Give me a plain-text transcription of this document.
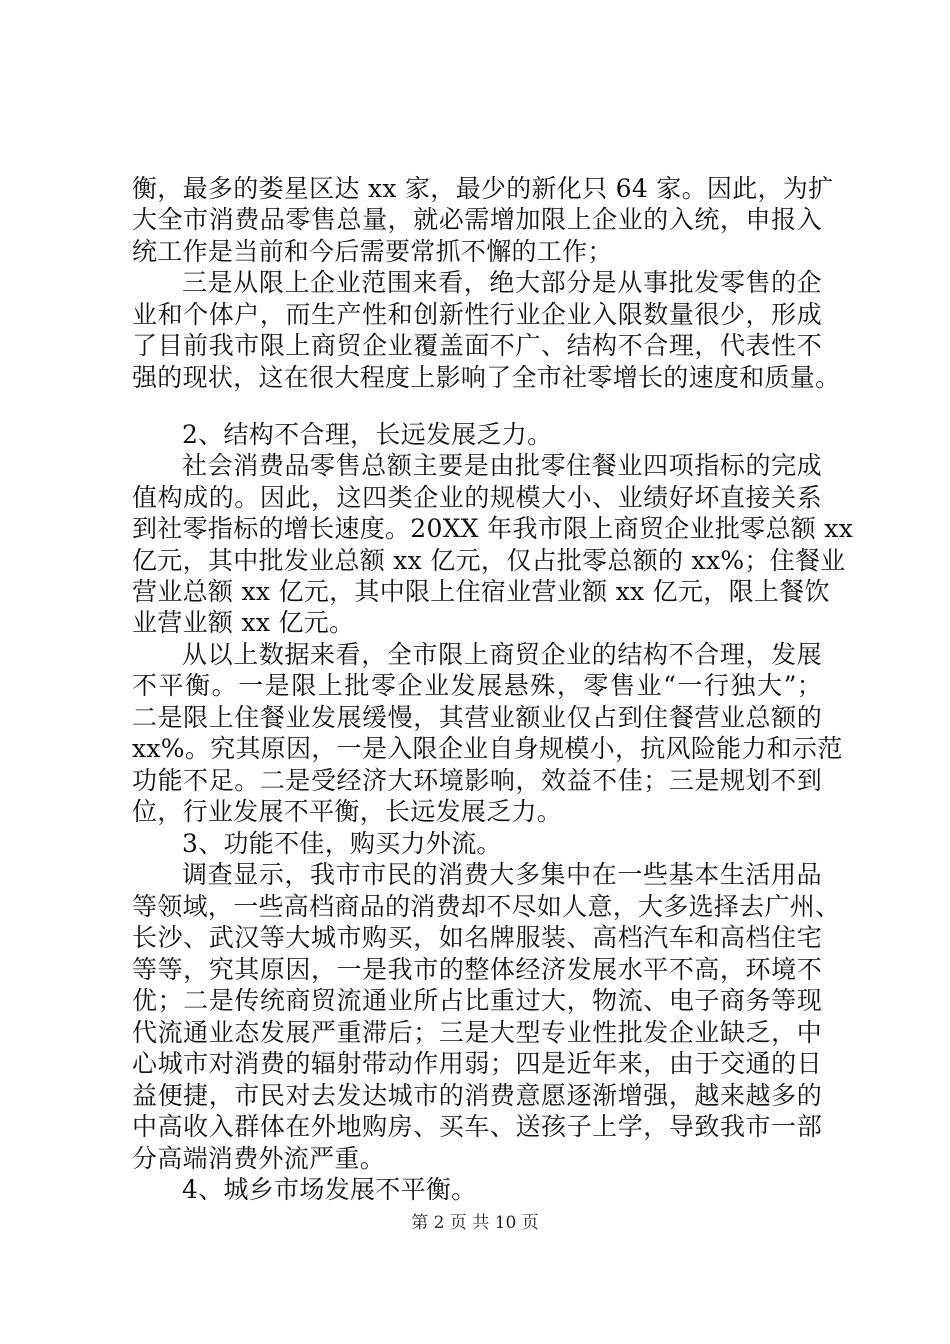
衡，最多的娄星区达 xx 家，最少的新化只 64 家。因此，为扩
大全市消费品零售总量，就必需增加限上企业的入统，申报入
统工作是当前和今后需要常抓不懈的工作；
三是从限上企业范围来看，绝大部分是从事批发零售的企
业和个体户，而生产性和创新性行业企业入限数量很少，形成
了目前我市限上商贸企业覆盖面不广、结构不合理，代表性不
强的现状，这在很大程度上影响了全市社零增长的速度和质量。
2、结构不合理，长远发展乏力。
社会消费品零售总额主要是由批零住餐业四项指标的完成
值构成的。因此，这四类企业的规模大小、业绩好坏直接关系
到社零指标的增长速度。20XX 年我市限上商贸企业批零总额 xx
亿元，其中批发业总额 xx 亿元，仅占批零总额的 xx%；住餐业
营业总额 xx 亿元，其中限上住宿业营业额 xx 亿元，限上餐饮
业营业额 xx 亿元。
从以上数据来看，全市限上商贸企业的结构不合理，发展
不平衡。一是限上批零企业发展悬殊，零售业“一行独大”；
二是限上住餐业发展缓慢，其营业额业仅占到住餐营业总额的
xx%。究其原因，一是入限企业自身规模小，抗风险能力和示范
功能不足。二是受经济大环境影响，效益不佳；三是规划不到
位，行业发展不平衡，长远发展乏力。
3、功能不佳，购买力外流。
调查显示，我市市民的消费大多集中在一些基本生活用品
等领域，一些高档商品的消费却不尽如人意，大多选择去广州、
长沙、武汉等大城市购买，如名牌服装、高档汽车和高档住宅
等等，究其原因，一是我市的整体经济发展水平不高，环境不
优；二是传统商贸流通业所占比重过大，物流、电子商务等现
代流通业态发展严重滞后；三是大型专业性批发企业缺乏，中
心城市对消费的辐射带动作用弱；四是近年来，由于交通的日
益便捷，市民对去发达城市的消费意愿逐渐增强，越来越多的
中高收入群体在外地购房、买车、送孩子上学，导致我市一部
分高端消费外流严重。
4、城乡市场发展不平衡。
第 2 页 共 10 页
